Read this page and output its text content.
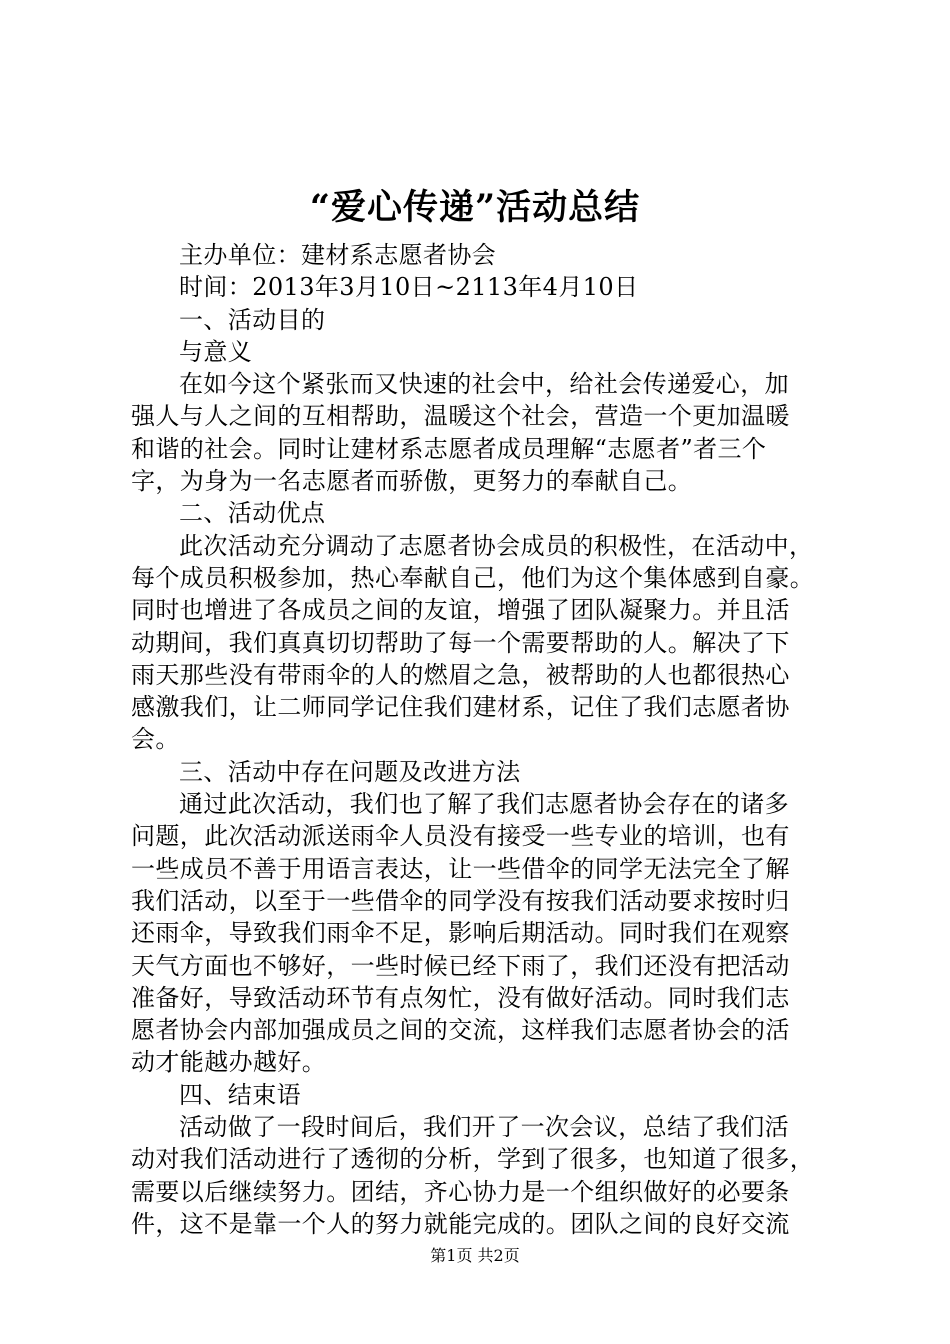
“爱心传递”活动总结
主办单位：建材系志愿者协会
时间：2013年3月10日~2113年4月10日
一、活动目的
与意义
在如今这个紧张而又快速的社会中，给社会传递爱心，加
强人与人之间的互相帮助，温暖这个社会，营造一个更加温暖
和谐的社会。同时让建材系志愿者成员理解“志愿者”者三个
字，为身为一名志愿者而骄傲，更努力的奉献自己。
二、活动优点
此次活动充分调动了志愿者协会成员的积极性，在活动中，
每个成员积极参加，热心奉献自己，他们为这个集体感到自豪。
同时也增进了各成员之间的友谊，增强了团队凝聚力。并且活
动期间，我们真真切切帮助了每一个需要帮助的人。解决了下
雨天那些没有带雨伞的人的燃眉之急，被帮助的人也都很热心
感激我们，让二师同学记住我们建材系，记住了我们志愿者协
会。
三、活动中存在问题及改进方法
通过此次活动，我们也了解了我们志愿者协会存在的诸多
问题，此次活动派送雨伞人员没有接受一些专业的培训，也有
一些成员不善于用语言表达，让一些借伞的同学无法完全了解
我们活动，以至于一些借伞的同学没有按我们活动要求按时归
还雨伞，导致我们雨伞不足，影响后期活动。同时我们在观察
天气方面也不够好，一些时候已经下雨了，我们还没有把活动
准备好，导致活动环节有点匆忙，没有做好活动。同时我们志
愿者协会内部加强成员之间的交流，这样我们志愿者协会的活
动才能越办越好。
四、结束语
活动做了一段时间后，我们开了一次会议，总结了我们活
动对我们活动进行了透彻的分析，学到了很多，也知道了很多，
需要以后继续努力。团结，齐心协力是一个组织做好的必要条
件，这不是靠一个人的努力就能完成的。团队之间的良好交流
第1页 共2页
